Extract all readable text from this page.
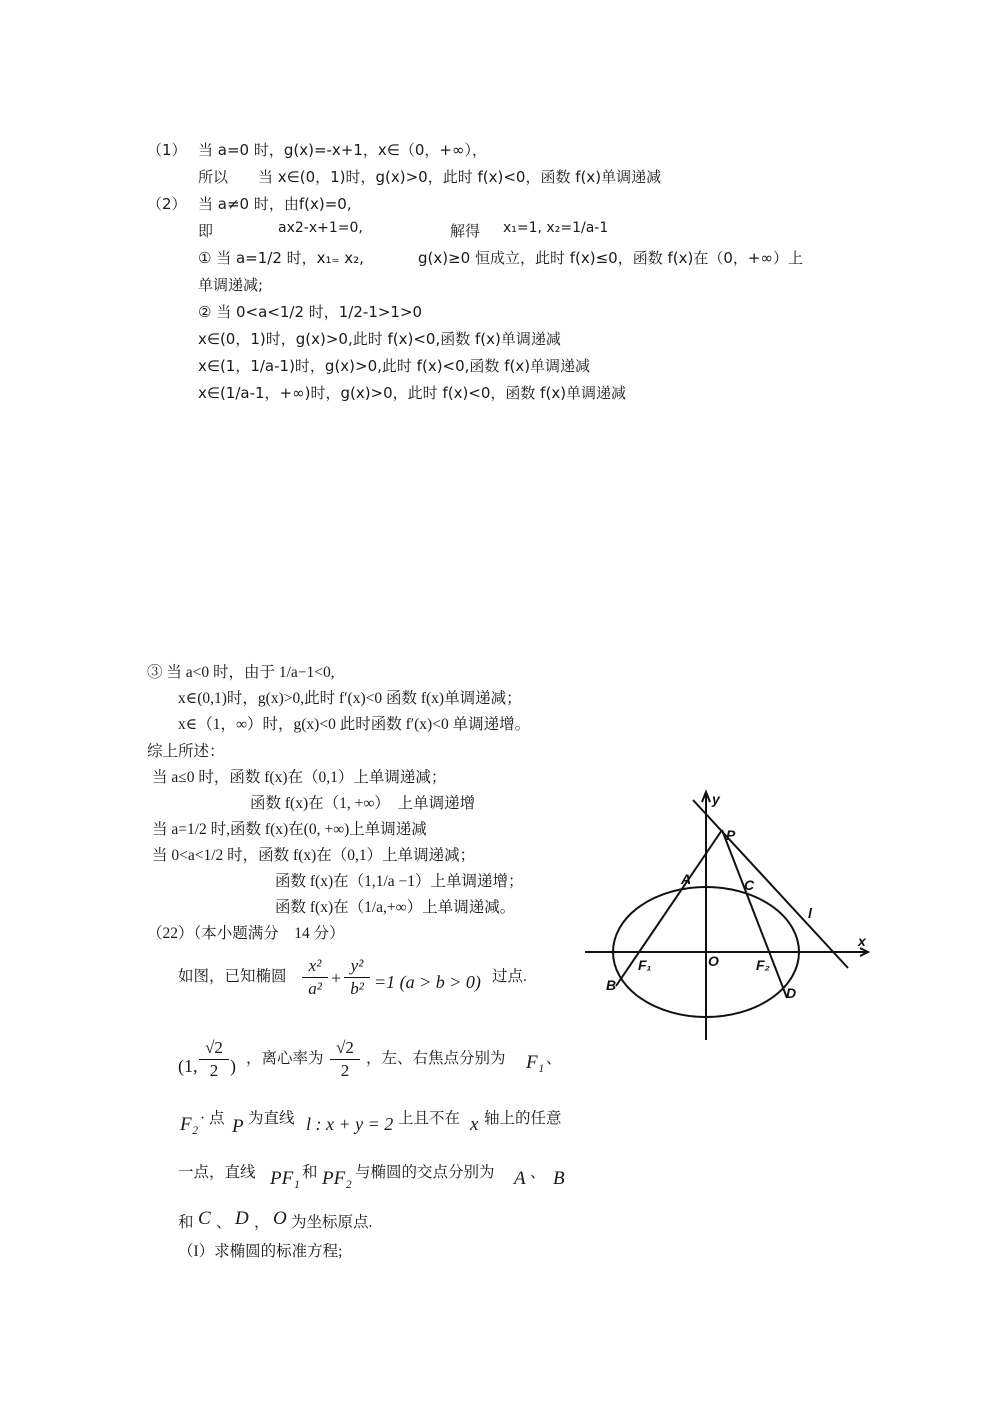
（1） 当 a=0 时，g(x)=-x+1，x∈（0，+∞），
所以　　当 x∈(0，1)时，g(x)>0，此时 f(x)<0，函数 f(x)单调递减
（2） 当 a≠0 时，由f(x)=0,
即	ax2-x+1=0,	解得 x₁=1, x₂=1/a-1
① 当 a=1/2 时，x₁₌ x₂,	g(x)≥0 恒成立，此时 f(x)≤0，函数 f(x)在（0，+∞）上
单调递减;
② 当 0<a<1/2 时，1/2-1>1>0
x∈(0，1)时，g(x)>0,此时 f(x)<0,函数 f(x)单调递减
x∈(1，1/a-1)时，g(x)>0,此时 f(x)<0,函数 f(x)单调递减
x∈(1/a-1，+∞)时，g(x)>0，此时 f(x)<0，函数 f(x)单调递减
③ 当 a<0 时，由于 1/a−1<0,
x∈(0,1)时，g(x)>0,此时 f′(x)<0 函数 f(x)单调递减；
x∈（1，∞）时，g(x)<0 此时函数 f′(x)<0 单调递增。
综上所述：
当 a≤0 时，函数 f(x)在（0,1）上单调递减；
函数 f(x)在（1, +∞）　上单调递增
当 a=1/2 时,函数 f(x)在(0, +∞)上单调递减
当 0<a<1/2 时，函数 f(x)在（0,1）上单调递减；
函数 f(x)在（1,1/a −1）上单调递增；
函数 f(x)在（1/a,+∞）上单调递减。
（22）（本小题满分　14 分）
如图，已知椭圆
x²
a²
+
y²
b² =1 (a > b > 0) 过点.
(1,
√2
2 ) ，离心率为
√2
2
，左、右焦点分别为 F₁ 、
F₂ · 点 P 为直线 l : x + y = 2 上且不在 x 轴上的任意
一点，直线 PF₁ 和 PF₂ 与椭圆的交点分别为 A 、 B
和 C 、 D ， O 为坐标原点.
（I）求椭圆的标准方程;
y
x
P
A	C
l
F₁	O	F₂
B	D
